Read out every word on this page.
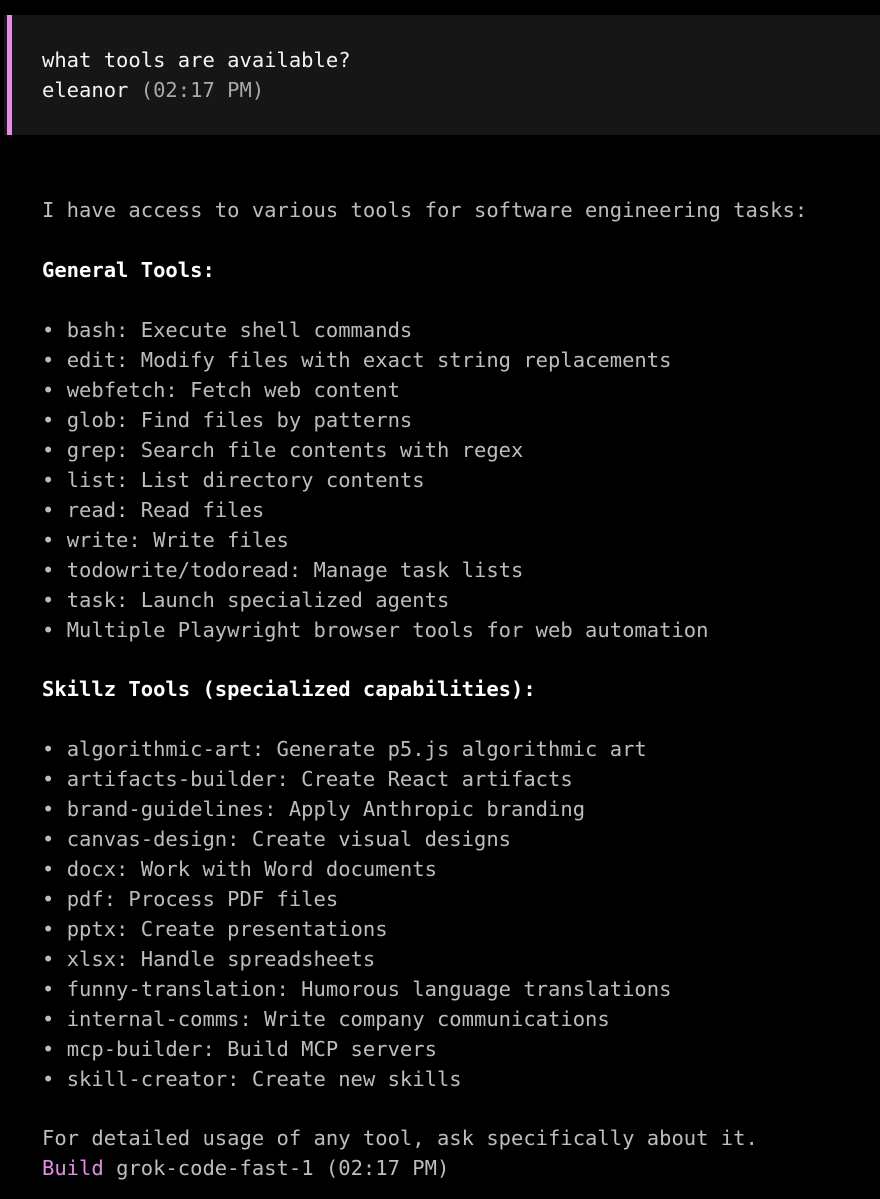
what tools are available?
eleanor (02:17 PM)
I have access to various tools for software engineering tasks:
General Tools:
• bash: Execute shell commands
• edit: Modify files with exact string replacements
• webfetch: Fetch web content
• glob: Find files by patterns
• grep: Search file contents with regex
• list: List directory contents
• read: Read files
• write: Write files
• todowrite/todoread: Manage task lists
• task: Launch specialized agents
• Multiple Playwright browser tools for web automation
Skillz Tools (specialized capabilities):
• algorithmic-art: Generate p5.js algorithmic art
• artifacts-builder: Create React artifacts
• brand-guidelines: Apply Anthropic branding
• canvas-design: Create visual designs
• docx: Work with Word documents
• pdf: Process PDF files
• pptx: Create presentations
• xlsx: Handle spreadsheets
• funny-translation: Humorous language translations
• internal-comms: Write company communications
• mcp-builder: Build MCP servers
• skill-creator: Create new skills
For detailed usage of any tool, ask specifically about it.
Build grok-code-fast-1 (02:17 PM)
